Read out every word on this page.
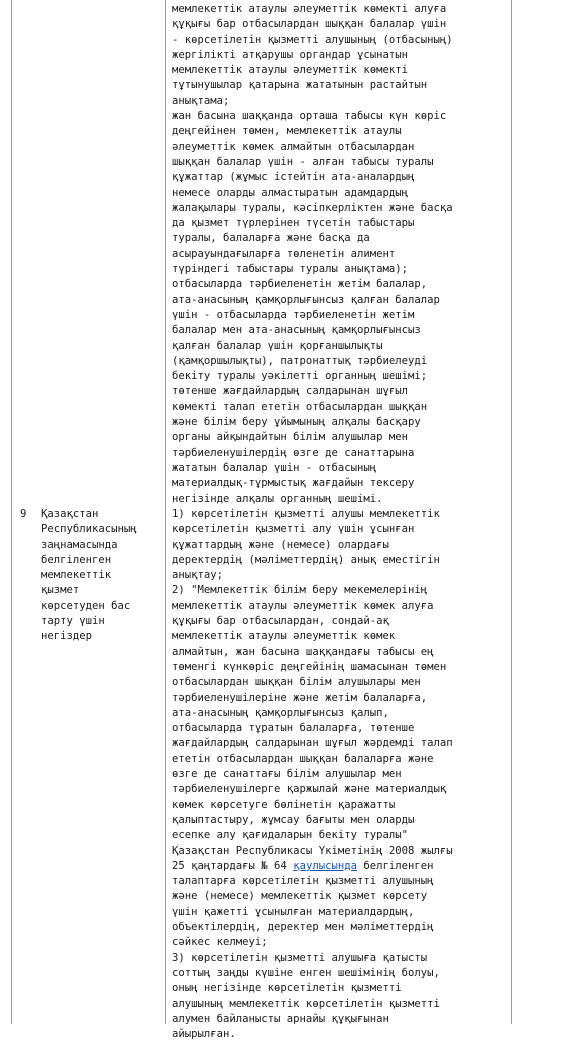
мемлекеттік атаулы әлеуметтік көмекті алуға
құқығы бар отбасылардан шыққан балалар үшін
- көрсетілетін қызметті алушының (отбасының)
жергілікті атқарушы органдар ұсынатын
мемлекеттік атаулы әлеуметтік көмекті
тұтынушылар қатарына жататынын растайтын
анықтама;
жан басына шаққанда орташа табысы күн көріс
деңгейінен төмен, мемлекеттік атаулы
әлеуметтік көмек алмайтын отбасылардан
шыққан балалар үшін - алған табысы туралы
құжаттар (жұмыс істейтін ата-аналардың
немесе оларды алмастыратын адамдардың
жалақылары туралы, кәсіпкерліктен және басқа
да қызмет түрлерінен түсетін табыстары
туралы, балаларға және басқа да
асырауындағыларға төленетін алимент
түріндегі табыстары туралы анықтама);
отбасыларда тәрбиеленетін жетім балалар,
ата-анасының қамқорлығынсыз қалған балалар
үшін - отбасыларда тәрбиеленетін жетім
балалар мен ата-анасының қамқорлығынсыз
қалған балалар үшін қорғаншылықты
(қамқоршылықты), патронаттық тәрбиелеуді
бекіту туралы уәкілетті органның шешімі;
төтенше жағдайлардың салдарынан шұғыл
көмекті талап ететін отбасылардан шыққан
және білім беру ұйымының алқалы басқару
органы айқындайтын білім алушылар мен
тәрбиеленушілердің өзге де санаттарына
жататын балалар үшін - отбасының
материалдық-тұрмыстық жағдайын тексеру
негізінде алқалы органның шешімі.
9 Қазақстан
Республикасының
заңнамасында
белгіленген
мемлекеттік
қызмет
көрсетуден бас
тарту үшін
негіздер
1) көрсетілетін қызметті алушы мемлекеттік
көрсетілетін қызметті алу үшін ұсынған
құжаттардың және (немесе) олардағы
деректердің (мәліметтердің) анық еместігін
анықтау;
2) "Мемлекеттік білім беру мекемелерінің
мемлекеттік атаулы әлеуметтік көмек алуға
құқығы бар отбасылардан, сондай-ақ
мемлекеттік атаулы әлеуметтік көмек
алмайтын, жан басына шаққандағы табысы ең
төменгі күнкөріс деңгейінің шамасынан төмен
отбасылардан шыққан білім алушылары мен
тәрбиеленушілеріне және жетім балаларға,
ата-анасының қамқорлығынсыз қалып,
отбасыларда тұратын балаларға, төтенше
жағдайлардың салдарынан шұғыл жәрдемді талап
ететін отбасылардан шыққан балаларға және
өзге де санаттағы білім алушылар мен
тәрбиеленушілерге қаржылай және материалдық
көмек көрсетуге бөлінетін қаражатты
қалыптастыру, жұмсау бағыты мен оларды
есепке алу қағидаларын бекіту туралы"
Қазақстан Республикасы Үкіметінің 2008 жылғы
25 қаңтардағы № 64 қаулысында белгіленген
талаптарға көрсетілетін қызметті алушының
және (немесе) мемлекеттік қызмет көрсету
үшін қажетті ұсынылған материалдардың,
объектілердің, деректер мен мәліметтердің
сәйкес келмеуі;
3) көрсетілетін қызметті алушыға қатысты
соттың заңды күшіне енген шешімінің болуы,
оның негізінде көрсетілетін қызметті
алушының мемлекеттік көрсетілетін қызметті
алумен байланысты арнайы құқығынан
айырылған.
